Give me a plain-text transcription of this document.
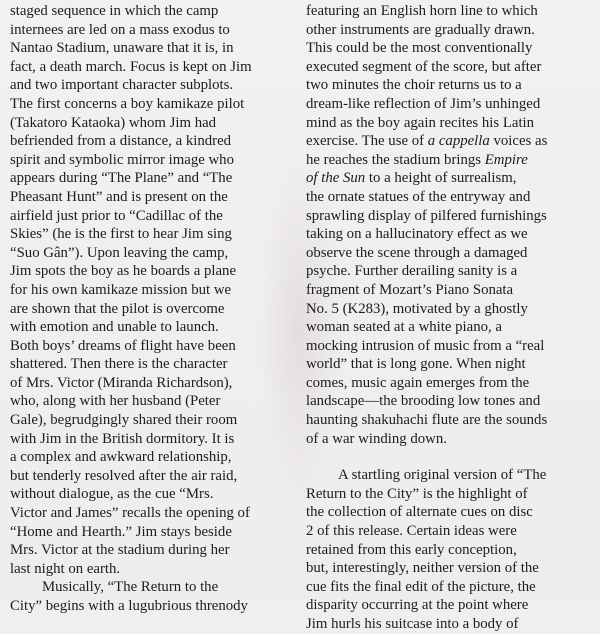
staged sequence in which the camp
internees are led on a mass exodus to
Nantao Stadium, unaware that it is, in
fact, a death march. Focus is kept on Jim
and two important character subplots.
The first concerns a boy kamikaze pilot
(Takatoro Kataoka) whom Jim had
befriended from a distance, a kindred
spirit and symbolic mirror image who
appears during “The Plane” and “The
Pheasant Hunt” and is present on the
airfield just prior to “Cadillac of the
Skies” (he is the first to hear Jim sing
“Suo Gân”). Upon leaving the camp,
Jim spots the boy as he boards a plane
for his own kamikaze mission but we
are shown that the pilot is overcome
with emotion and unable to launch.
Both boys’ dreams of flight have been
shattered. Then there is the character
of Mrs. Victor (Miranda Richardson),
who, along with her husband (Peter
Gale), begrudgingly shared their room
with Jim in the British dormitory. It is
a complex and awkward relationship,
but tenderly resolved after the air raid,
without dialogue, as the cue “Mrs.
Victor and James” recalls the opening of
“Home and Hearth.” Jim stays beside
Mrs. Victor at the stadium during her
last night on earth.
Musically, “The Return to the
City” begins with a lugubrious threnody
featuring an English horn line to which
other instruments are gradually drawn.
This could be the most conventionally
executed segment of the score, but after
two minutes the choir returns us to a
dream-like reflection of Jim’s unhinged
mind as the boy again recites his Latin
exercise. The use of a cappella voices as
he reaches the stadium brings Empire
of the Sun to a height of surrealism,
the ornate statues of the entryway and
sprawling display of pilfered furnishings
taking on a hallucinatory effect as we
observe the scene through a damaged
psyche. Further derailing sanity is a
fragment of Mozart’s Piano Sonata
No. 5 (K283), motivated by a ghostly
woman seated at a white piano, a
mocking intrusion of music from a “real
world” that is long gone. When night
comes, music again emerges from the
landscape—the brooding low tones and
haunting shakuhachi flute are the sounds
of a war winding down.
A startling original version of “The
Return to the City” is the highlight of
the collection of alternate cues on disc
2 of this release. Certain ideas were
retained from this early conception,
but, interestingly, neither version of the
cue fits the final edit of the picture, the
disparity occurring at the point where
Jim hurls his suitcase into a body of
